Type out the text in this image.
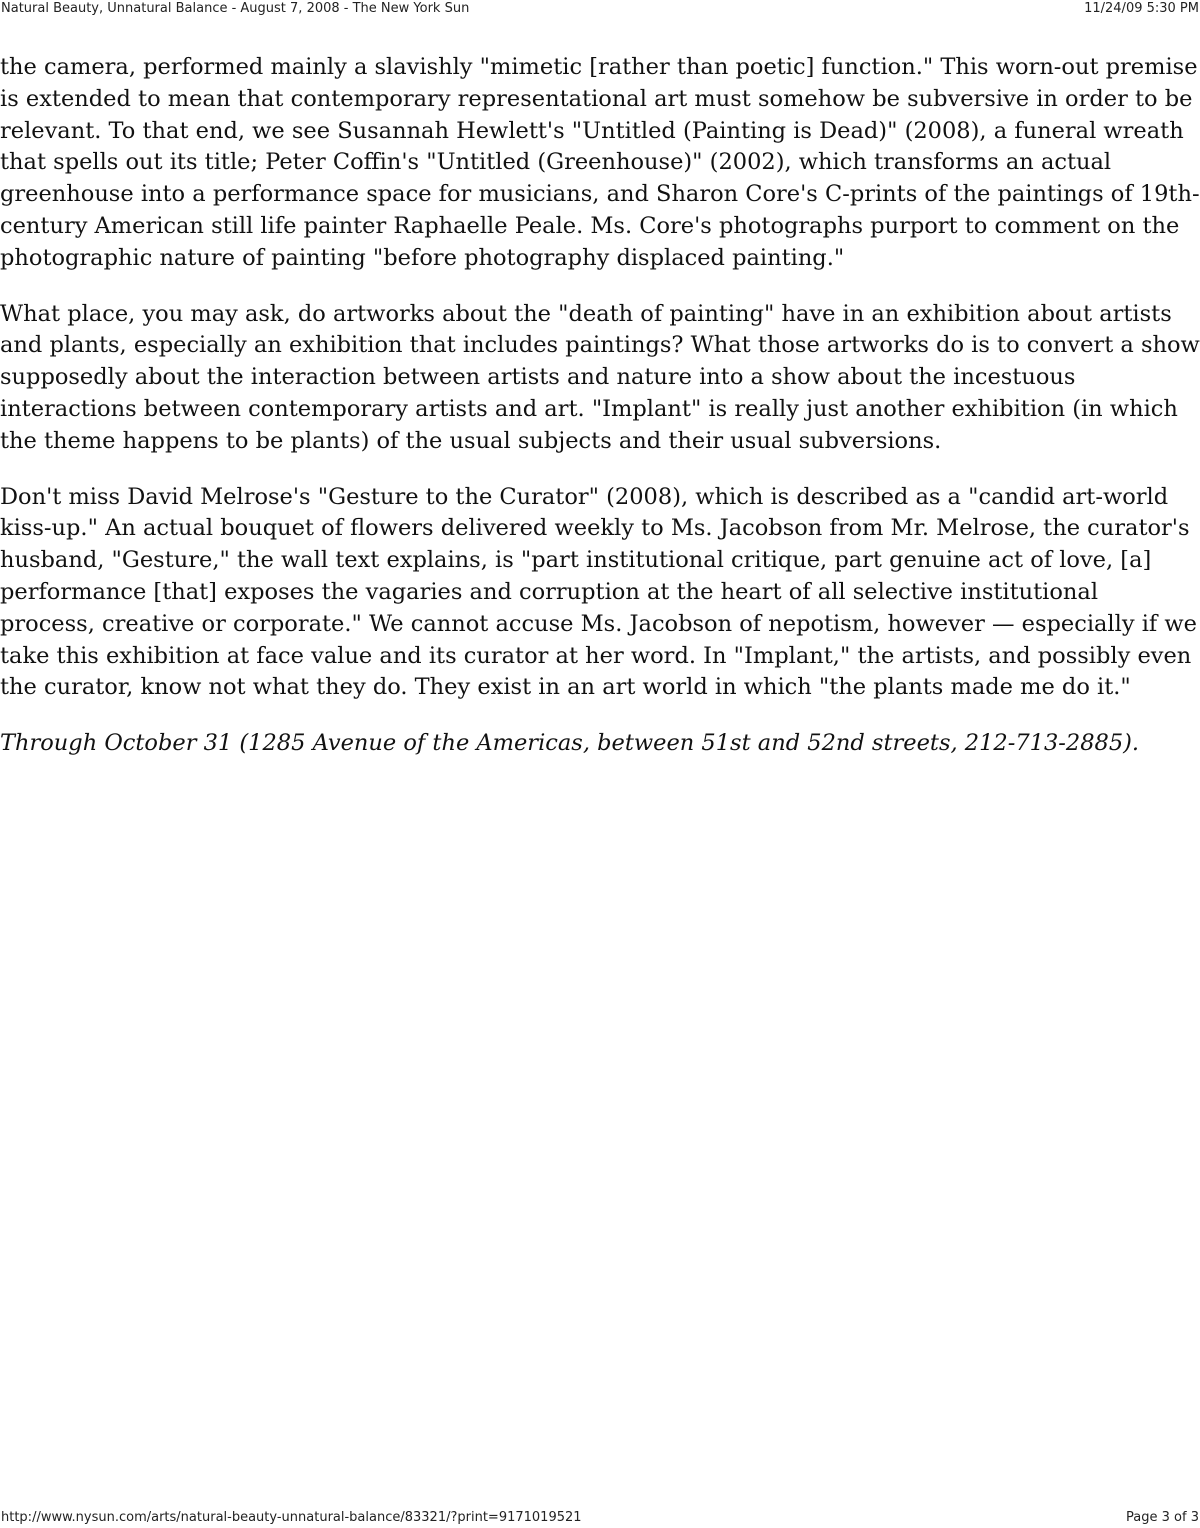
Natural Beauty, Unnatural Balance - August 7, 2008 - The New York Sun	11/24/09 5:30 PM

the camera, performed mainly a slavishly "mimetic [rather than poetic] function." This worn-out premise is extended to mean that contemporary representational art must somehow be subversive in order to be relevant. To that end, we see Susannah Hewlett's "Untitled (Painting is Dead)" (2008), a funeral wreath that spells out its title; Peter Coffin's "Untitled (Greenhouse)" (2002), which transforms an actual greenhouse into a performance space for musicians, and Sharon Core's C-prints of the paintings of 19th-century American still life painter Raphaelle Peale. Ms. Core's photographs purport to comment on the photographic nature of painting "before photography displaced painting."

What place, you may ask, do artworks about the "death of painting" have in an exhibition about artists and plants, especially an exhibition that includes paintings? What those artworks do is to convert a show supposedly about the interaction between artists and nature into a show about the incestuous interactions between contemporary artists and art. "Implant" is really just another exhibition (in which the theme happens to be plants) of the usual subjects and their usual subversions.

Don't miss David Melrose's "Gesture to the Curator" (2008), which is described as a "candid art-world kiss-up." An actual bouquet of flowers delivered weekly to Ms. Jacobson from Mr. Melrose, the curator's husband, "Gesture," the wall text explains, is "part institutional critique, part genuine act of love, [a] performance [that] exposes the vagaries and corruption at the heart of all selective institutional process, creative or corporate." We cannot accuse Ms. Jacobson of nepotism, however — especially if we take this exhibition at face value and its curator at her word. In "Implant," the artists, and possibly even the curator, know not what they do. They exist in an art world in which "the plants made me do it."

Through October 31 (1285 Avenue of the Americas, between 51st and 52nd streets, 212-713-2885).

http://www.nysun.com/arts/natural-beauty-unnatural-balance/83321/?print=9171019521	Page 3 of 3
